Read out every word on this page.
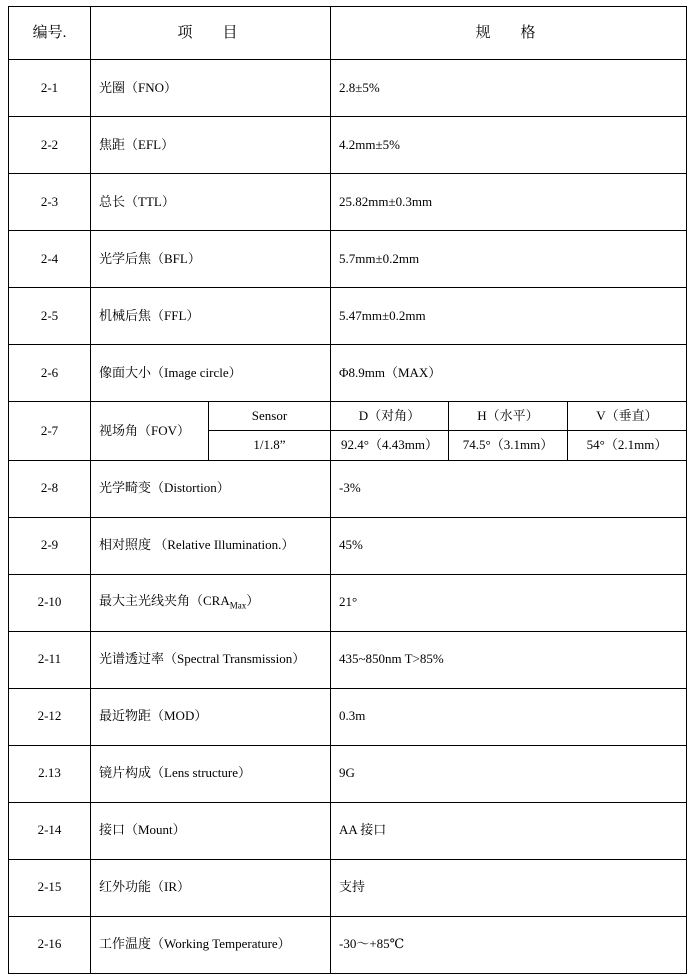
编号.	项　　目		规　　格		
2-1	光圈（FNO）		2.8±5%		
2-2	焦距（EFL）		4.2mm±5%		
2-3	总长（TTL）		25.82mm±0.3mm		
2-4	光学后焦（BFL）		5.7mm±0.2mm		
2-5	机械后焦（FFL）		5.47mm±0.2mm		
2-6	像面大小（Image circle）		Φ8.9mm（MAX）		
2-7	视场角（FOV）	Sensor	D（对角）	H（水平）	V（垂直）
		1/1.8”	92.4°（4.43mm）	74.5°（3.1mm）	54°（2.1mm）
2-8	光学畸变（Distortion）		-3%		
2-9	相对照度 （Relative Illumination.）		45%		
2-10	最大主光线夹角$(CRA_{Max})$		21°		
2-11	光谱透过率（Spectral Transmission）		435~850nm T>85%		
2-12	最近物距（MOD）		0.3m		
2.13	镜片构成（Lens structure）		9G		
2-14	接口（Mount）		AA 接口		
2-15	红外功能（IR）		支持		
2-16	工作温度（Working Temperature）		-30～+85℃		
